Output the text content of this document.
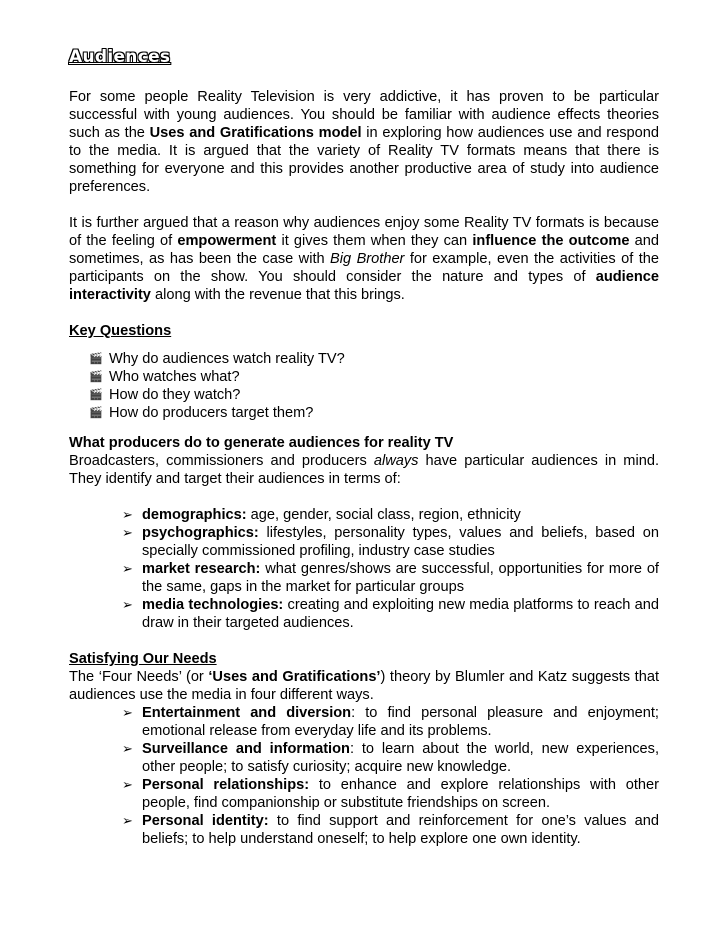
Audiences

For some people Reality Television is very addictive, it has proven to be particular successful with young audiences. You should be familiar with audience effects theories such as the Uses and Gratifications model in exploring how audiences use and respond to the media. It is argued that the variety of Reality TV formats means that there is something for everyone and this provides another productive area of study into audience preferences.

It is further argued that a reason why audiences enjoy some Reality TV formats is because of the feeling of empowerment it gives them when they can influence the outcome and sometimes, as has been the case with Big Brother for example, even the activities of the participants on the show. You should consider the nature and types of audience interactivity along with the revenue that this brings.

Key Questions
🎬 Why do audiences watch reality TV?
🎬 Who watches what?
🎬 How do they watch?
🎬 How do producers target them?
What producers do to generate audiences for reality TV

Broadcasters, commissioners and producers always have particular audiences in mind. They identify and target their audiences in terms of:

➢ demographics: age, gender, social class, region, ethnicity
➢ psychographics: lifestyles, personality types, values and beliefs, based on specially commissioned profiling, industry case studies
➢ market research: what genres/shows are successful, opportunities for more of the same, gaps in the market for particular groups
➢ media technologies: creating and exploiting new media platforms to reach and draw in their targeted audiences.
Satisfying Our Needs

The ‘Four Needs’ (or ‘Uses and Gratifications’) theory by Blumler and Katz suggests that audiences use the media in four different ways.

➢ Entertainment and diversion: to find personal pleasure and enjoyment; emotional release from everyday life and its problems.
➢ Surveillance and information: to learn about the world, new experiences, other people; to satisfy curiosity; acquire new knowledge.
➢ Personal relationships: to enhance and explore relationships with other people, find companionship or substitute friendships on screen.
➢ Personal identity: to find support and reinforcement for one’s values and beliefs; to help understand oneself; to help explore one own identity.
